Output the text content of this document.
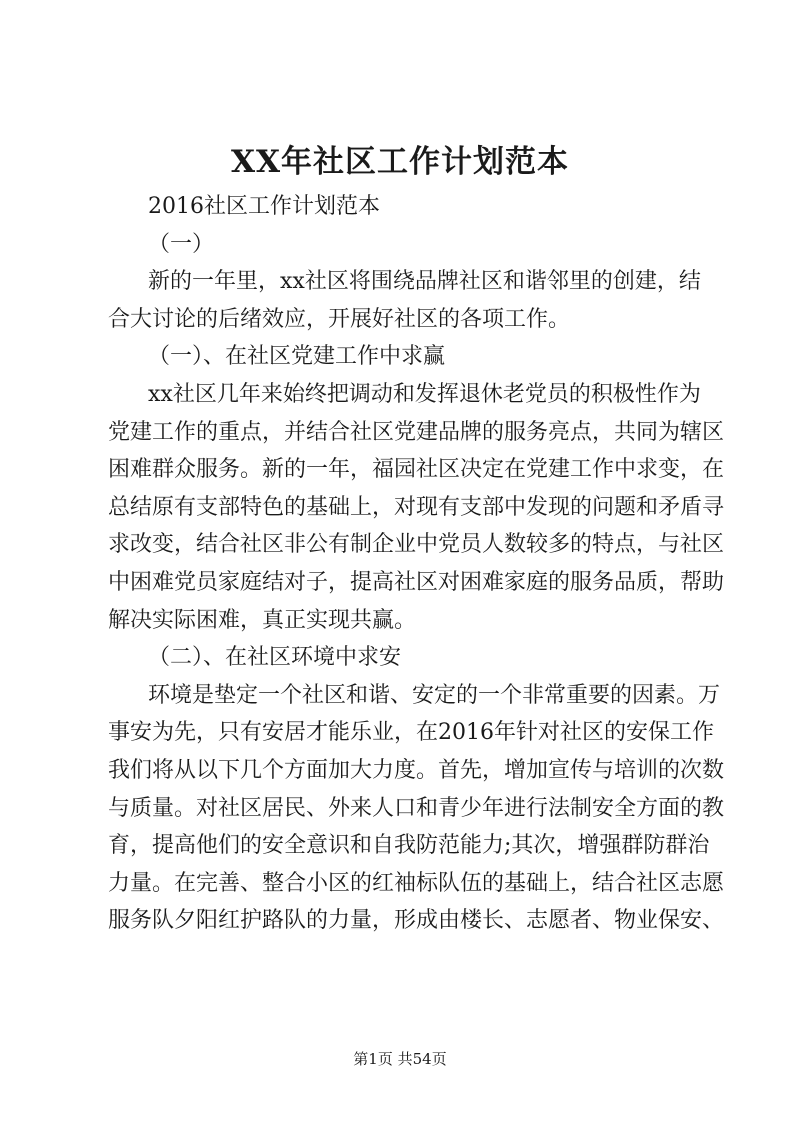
XX年社区工作计划范本

2016社区工作计划范本

（一）

新的一年里，xx社区将围绕品牌社区和谐邻里的创建，结

合大讨论的后绪效应，开展好社区的各项工作。

（一）、在社区党建工作中求赢

xx社区几年来始终把调动和发挥退休老党员的积极性作为

党建工作的重点，并结合社区党建品牌的服务亮点，共同为辖区

困难群众服务。新的一年，福园社区决定在党建工作中求变，在

总结原有支部特色的基础上，对现有支部中发现的问题和矛盾寻

求改变，结合社区非公有制企业中党员人数较多的特点，与社区

中困难党员家庭结对子，提高社区对困难家庭的服务品质，帮助

解决实际困难，真正实现共赢。

（二）、在社区环境中求安

环境是垫定一个社区和谐、安定的一个非常重要的因素。万

事安为先，只有安居才能乐业，在2016年针对社区的安保工作

我们将从以下几个方面加大力度。首先，增加宣传与培训的次数

与质量。对社区居民、外来人口和青少年进行法制安全方面的教

育，提高他们的安全意识和自我防范能力;其次，增强群防群治

力量。在完善、整合小区的红袖标队伍的基础上，结合社区志愿

服务队夕阳红护路队的力量，形成由楼长、志愿者、物业保安、

第1页 共54页
